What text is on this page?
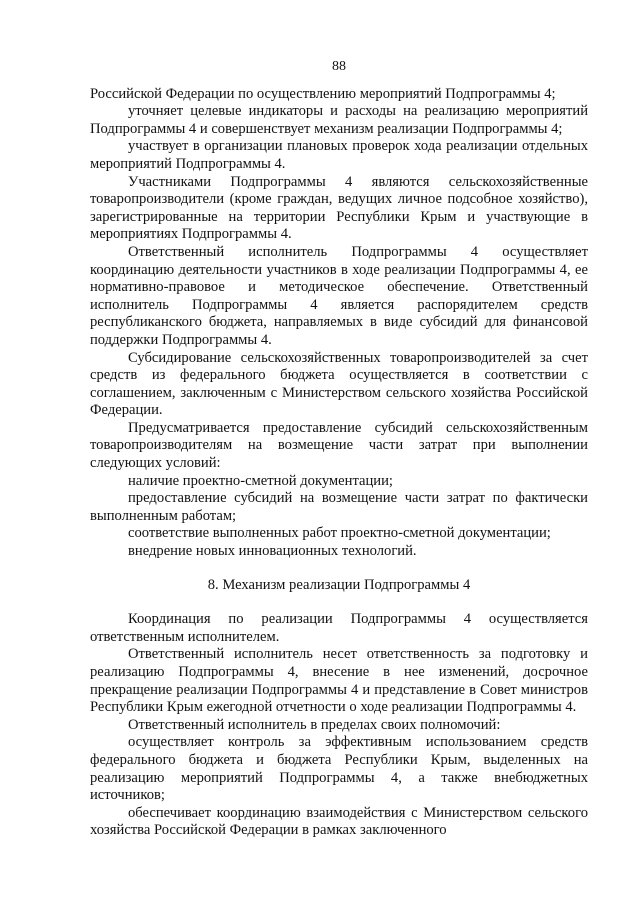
88

Российской Федерации по осуществлению мероприятий Подпрограммы 4;

уточняет целевые индикаторы и расходы на реализацию мероприятий Подпрограммы 4 и совершенствует механизм реализации Подпрограммы 4;

участвует в организации плановых проверок хода реализации отдельных мероприятий Подпрограммы 4.

Участниками Подпрограммы 4 являются сельскохозяйственные товаропроизводители (кроме граждан, ведущих личное подсобное хозяйство), зарегистрированные на территории Республики Крым и участвующие в мероприятиях Подпрограммы 4.

Ответственный исполнитель Подпрограммы 4 осуществляет координацию деятельности участников в ходе реализации Подпрограммы 4, ее нормативно-правовое и методическое обеспечение. Ответственный исполнитель Подпрограммы 4 является распорядителем средств республиканского бюджета, направляемых в виде субсидий для финансовой поддержки Подпрограммы 4.

Субсидирование сельскохозяйственных товаропроизводителей за счет средств из федерального бюджета осуществляется в соответствии с соглашением, заключенным с Министерством сельского хозяйства Российской Федерации.

Предусматривается предоставление субсидий сельскохозяйственным товаропроизводителям на возмещение части затрат при выполнении следующих условий:

наличие проектно-сметной документации;

предоставление субсидий на возмещение части затрат по фактически выполненным работам;

соответствие выполненных работ проектно-сметной документации;

внедрение новых инновационных технологий.

8. Механизм реализации Подпрограммы 4

Координация по реализации Подпрограммы 4 осуществляется ответственным исполнителем.

Ответственный исполнитель несет ответственность за подготовку и реализацию Подпрограммы 4, внесение в нее изменений, досрочное прекращение реализации Подпрограммы 4 и представление в Совет министров Республики Крым ежегодной отчетности о ходе реализации Подпрограммы 4.

Ответственный исполнитель в пределах своих полномочий:

осуществляет контроль за эффективным использованием средств федерального бюджета и бюджета Республики Крым, выделенных на реализацию мероприятий Подпрограммы 4, а также внебюджетных источников;

обеспечивает координацию взаимодействия с Министерством сельского хозяйства Российской Федерации в рамках заключенного
